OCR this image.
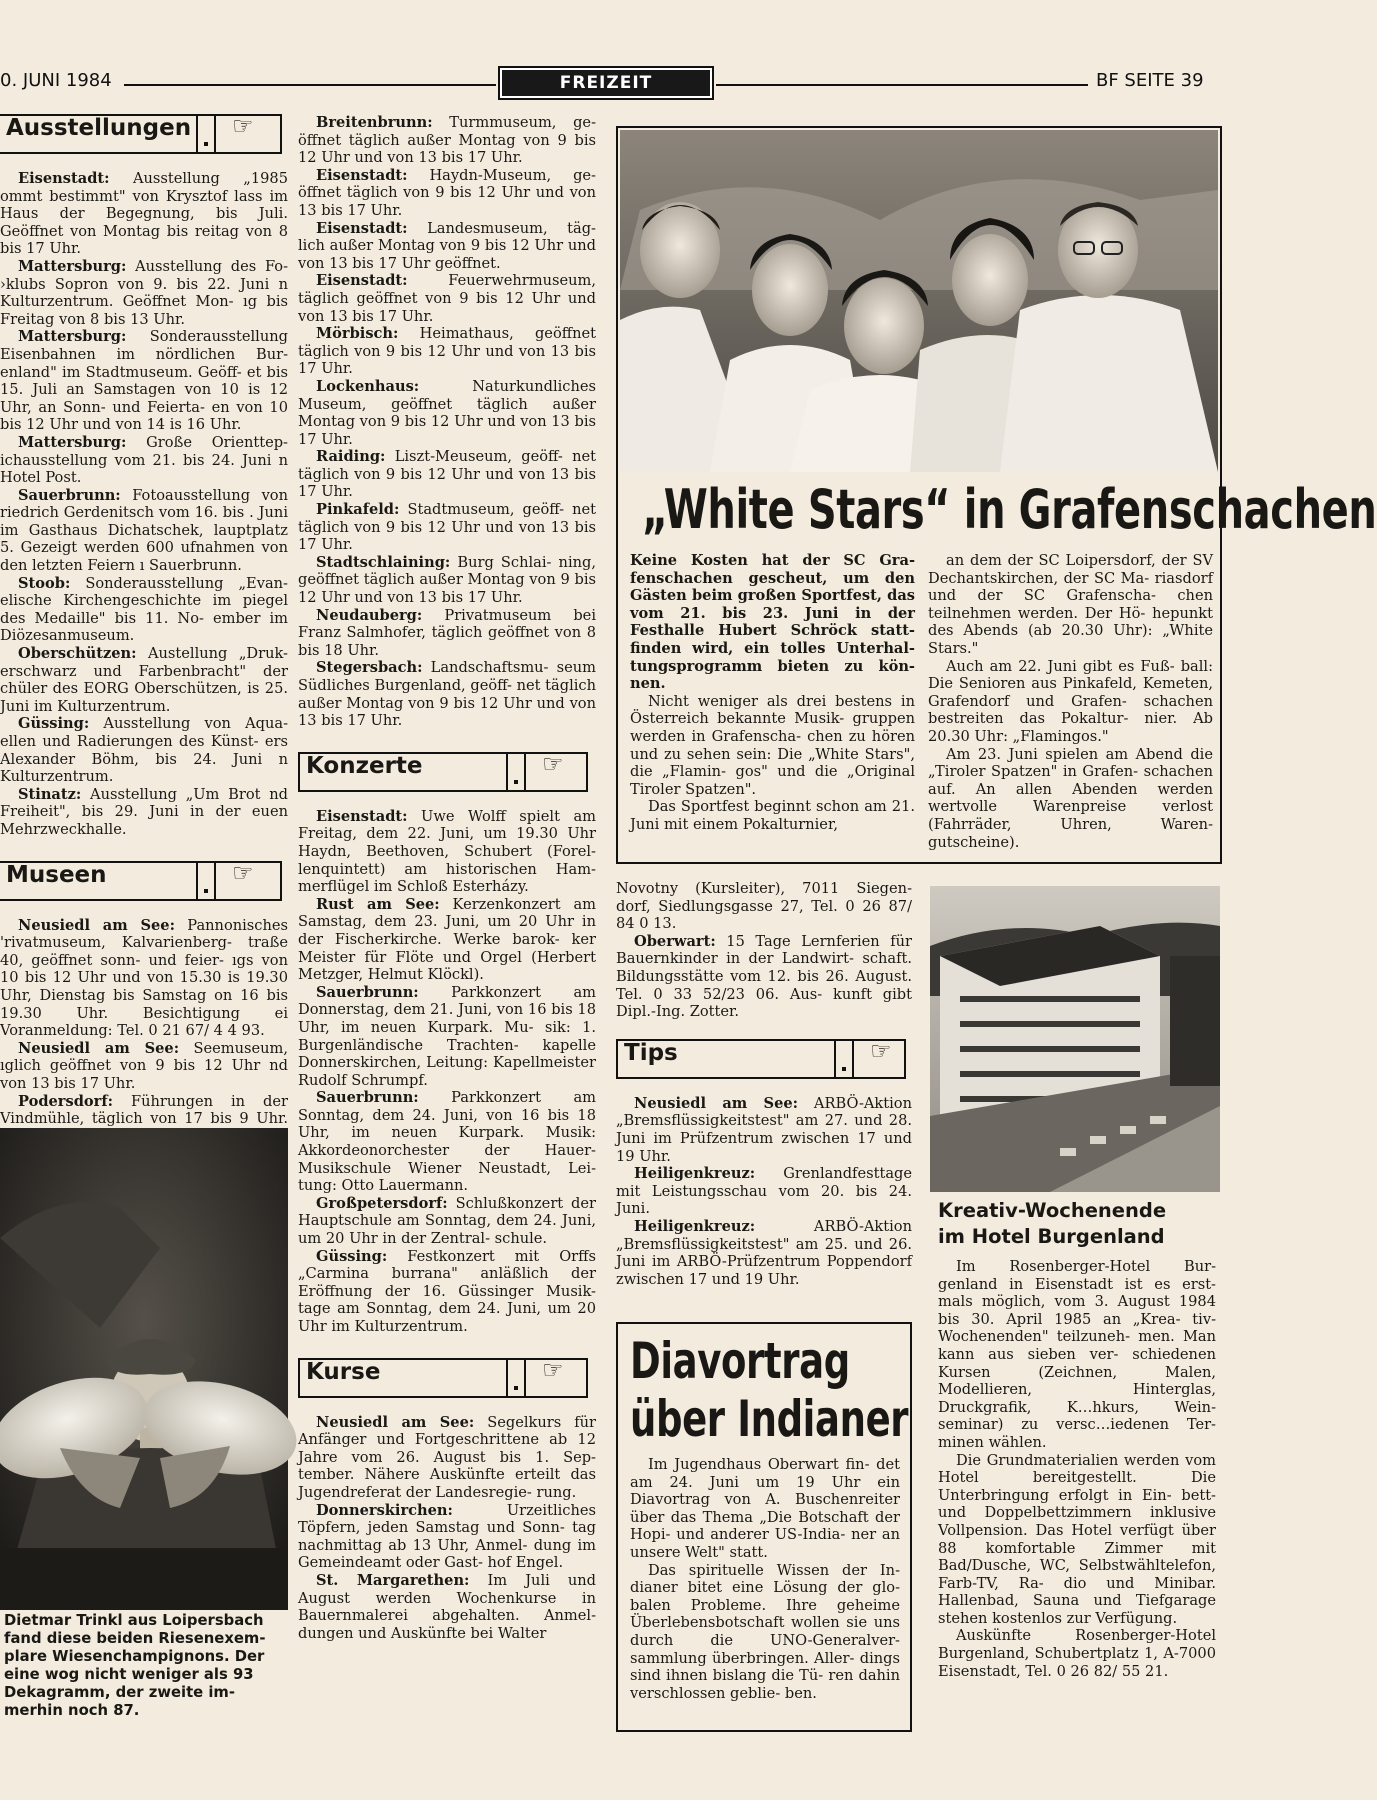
0. JUNI 1984	FREIZEIT	BF SEITE 39
Ausstellungen ☞

Eisenstadt: Ausstellung „1985 ommt bestimmt" von Krysztof lass im Haus der Begegnung, bis Juli. Geöffnet von Montag bis reitag von 8 bis 17 Uhr.

Mattersburg: Ausstellung des Fo- ›klubs Sopron von 9. bis 22. Juni n Kulturzentrum. Geöffnet Mon- ıg bis Freitag von 8 bis 13 Uhr.

Mattersburg: Sonderausstellung Eisenbahnen im nördlichen Bur- enland" im Stadtmuseum. Geöff- et bis 15. Juli an Samstagen von 10 is 12 Uhr, an Sonn- und Feierta- en von 10 bis 12 Uhr und von 14 is 16 Uhr.

Mattersburg: Große Orienttep- ichausstellung vom 21. bis 24. Juni n Hotel Post.

Sauerbrunn: Fotoausstellung von riedrich Gerdenitsch vom 16. bis . Juni im Gasthaus Dichatschek, lauptplatz 5. Gezeigt werden 600 ufnahmen von den letzten Feiern ı Sauerbrunn.

Stoob: Sonderausstellung „Evan- elische Kirchengeschichte im piegel des Medaille" bis 11. No- ember im Diözesanmuseum.

Oberschützen: Austellung „Druk- erschwarz und Farbenbracht" der chüler des EORG Oberschützen, is 25. Juni im Kulturzentrum.

Güssing: Ausstellung von Aqua- ellen und Radierungen des Künst- ers Alexander Böhm, bis 24. Juni n Kulturzentrum.

Stinatz: Ausstellung „Um Brot nd Freiheit", bis 29. Juni in der euen Mehrzweckhalle.

Museen	☞

Neusiedl am See: Pannonisches 'rivatmuseum, Kalvarienberg- traße 40, geöffnet sonn- und feier- ıgs von 10 bis 12 Uhr und von 15.30 is 19.30 Uhr, Dienstag bis Samstag on 16 bis 19.30 Uhr. Besichtigung ei Voranmeldung: Tel. 0 21 67/ 4 4 93.

Neusiedl am See: Seemuseum, ıglich geöffnet von 9 bis 12 Uhr nd von 13 bis 17 Uhr.

Podersdorf: Führungen in der Vindmühle, täglich von 17 bis 9 Uhr.

Dietmar Trinkl aus Loipersbach fand diese beiden Riesenexem- plare Wiesenchampignons. Der eine wog nicht weniger als 93 Dekagramm, der zweite im- merhin noch 87.

Breitenbrunn: Turmmuseum, ge- öffnet täglich außer Montag von 9 bis 12 Uhr und von 13 bis 17 Uhr.

Eisenstadt: Haydn-Museum, ge- öffnet täglich von 9 bis 12 Uhr und von 13 bis 17 Uhr.

Eisenstadt: Landesmuseum, täg- lich außer Montag von 9 bis 12 Uhr und von 13 bis 17 Uhr geöffnet.

Eisenstadt: Feuerwehrmuseum, täglich geöffnet von 9 bis 12 Uhr und von 13 bis 17 Uhr.

Mörbisch: Heimathaus, geöffnet täglich von 9 bis 12 Uhr und von 13 bis 17 Uhr.

Lockenhaus: Naturkundliches Museum, geöffnet täglich außer Montag von 9 bis 12 Uhr und von 13 bis 17 Uhr.

Raiding: Liszt-Meuseum, geöff- net täglich von 9 bis 12 Uhr und von 13 bis 17 Uhr.

Pinkafeld: Stadtmuseum, geöff- net täglich von 9 bis 12 Uhr und von 13 bis 17 Uhr.

Stadtschlaining: Burg Schlai- ning, geöffnet täglich außer Montag von 9 bis 12 Uhr und von 13 bis 17 Uhr.

Neudauberg: Privatmuseum bei Franz Salmhofer, täglich geöffnet von 8 bis 18 Uhr.

Stegersbach: Landschaftsmu- seum Südliches Burgenland, geöff- net täglich außer Montag von 9 bis 12 Uhr und von 13 bis 17 Uhr.

Konzerte	☞

Eisenstadt: Uwe Wolff spielt am Freitag, dem 22. Juni, um 19.30 Uhr Haydn, Beethoven, Schubert (Forel- lenquintett) am historischen Ham- merflügel im Schloß Esterházy.

Rust am See: Kerzenkonzert am Samstag, dem 23. Juni, um 20 Uhr in der Fischerkirche. Werke barok- ker Meister für Flöte und Orgel (Herbert Metzger, Helmut Klöckl).

Sauerbrunn: Parkkonzert am Donnerstag, dem 21. Juni, von 16 bis 18 Uhr, im neuen Kurpark. Mu- sik: 1. Burgenländische Trachten- kapelle Donnerskirchen, Leitung: Kapellmeister Rudolf Schrumpf.

Sauerbrunn: Parkkonzert am Sonntag, dem 24. Juni, von 16 bis 18 Uhr, im neuen Kurpark. Musik: Akkordeonorchester der Hauer- Musikschule Wiener Neustadt, Lei- tung: Otto Lauermann.

Großpetersdorf: Schlußkonzert der Hauptschule am Sonntag, dem 24. Juni, um 20 Uhr in der Zentral- schule.

Güssing: Festkonzert mit Orffs „Carmina burrana" anläßlich der Eröffnung der 16. Güssinger Musik- tage am Sonntag, dem 24. Juni, um 20 Uhr im Kulturzentrum.

Kurse	☞

Neusiedl am See: Segelkurs für Anfänger und Fortgeschrittene ab 12 Jahre vom 26. August bis 1. Sep- tember. Nähere Auskünfte erteilt das Jugendreferat der Landesregie- rung.

Donnerskirchen: Urzeitliches Töpfern, jeden Samstag und Sonn- tag nachmittag ab 13 Uhr, Anmel- dung im Gemeindeamt oder Gast- hof Engel.

St. Margarethen: Im Juli und August werden Wochenkurse in Bauernmalerei abgehalten. Anmel- dungen und Auskünfte bei Walter

„White Stars“ in Grafenschachen

Keine Kosten hat der SC Gra- fenschachen gescheut, um den Gästen beim großen Sportfest, das vom 21. bis 23. Juni in der Festhalle Hubert Schröck statt- finden wird, ein tolles Unterhal- tungsprogramm bieten zu kön- nen.

Nicht weniger als drei bestens in Österreich bekannte Musik- gruppen werden in Grafenscha- chen zu hören und zu sehen sein: Die „White Stars", die „Flamin- gos" und die „Original Tiroler Spatzen".

Das Sportfest beginnt schon am 21. Juni mit einem Pokalturnier,

an dem der SC Loipersdorf, der SV Dechantskirchen, der SC Ma- riasdorf und der SC Grafenscha- chen teilnehmen werden. Der Hö- hepunkt des Abends (ab 20.30 Uhr): „White Stars."

Auch am 22. Juni gibt es Fuß- ball: Die Senioren aus Pinkafeld, Kemeten, Grafendorf und Grafen- schachen bestreiten das Pokaltur- nier. Ab 20.30 Uhr: „Flamingos."

Am 23. Juni spielen am Abend die „Tiroler Spatzen" in Grafen- schachen auf. An allen Abenden werden wertvolle Warenpreise verlost (Fahrräder, Uhren, Waren- gutscheine).

Novotny (Kursleiter), 7011 Siegen- dorf, Siedlungsgasse 27, Tel. 0 26 87/ 84 0 13.

Oberwart: 15 Tage Lernferien für Bauernkinder in der Landwirt- schaft. Bildungsstätte vom 12. bis 26. August. Tel. 0 33 52/23 06. Aus- kunft gibt Dipl.-Ing. Zotter.

Tips	☞

Neusiedl am See: ARBÖ-Aktion „Bremsflüssigkeitstest" am 27. und 28. Juni im Prüfzentrum zwischen 17 und 19 Uhr.

Heiligenkreuz: Grenlandfesttage mit Leistungsschau vom 20. bis 24. Juni.

Heiligenkreuz: ARBÖ-Aktion „Bremsflüssigkeitstest" am 25. und 26. Juni im ARBÖ-Prüfzentrum Poppendorf zwischen 17 und 19 Uhr.

Diavortrag
über Indianer

Im Jugendhaus Oberwart fin- det am 24. Juni um 19 Uhr ein Diavortrag von A. Buschenreiter über das Thema „Die Botschaft der Hopi- und anderer US-India- ner an unsere Welt" statt.

Das spirituelle Wissen der In- dianer bitet eine Lösung der glo- balen Probleme. Ihre geheime Überlebensbotschaft wollen sie uns durch die UNO-Generalver- sammlung überbringen. Aller- dings sind ihnen bislang die Tü- ren dahin verschlossen geblie- ben.

Kreativ-Wochenende
im Hotel Burgenland

Im Rosenberger-Hotel Bur- genland in Eisenstadt ist es erst- mals möglich, vom 3. August 1984 bis 30. April 1985 an „Krea- tiv-Wochenenden" teilzuneh- men. Man kann aus sieben ver- schiedenen Kursen (Zeichnen, Malen, Modellieren, Hinterglas, Druckgrafik, K…hkurs, Wein- seminar) zu versc…iedenen Ter- minen wählen.

Die Grundmaterialien werden vom Hotel bereitgestellt. Die Unterbringung erfolgt in Ein- bett- und Doppelbettzimmern inklusive Vollpension. Das Hotel verfügt über 88 komfortable Zimmer mit Bad/Dusche, WC, Selbstwähltelefon, Farb-TV, Ra- dio und Minibar. Hallenbad, Sauna und Tiefgarage stehen kostenlos zur Verfügung.

Auskünfte Rosenberger-Hotel Burgenland, Schubertplatz 1, A-7000 Eisenstadt, Tel. 0 26 82/ 55 21.
